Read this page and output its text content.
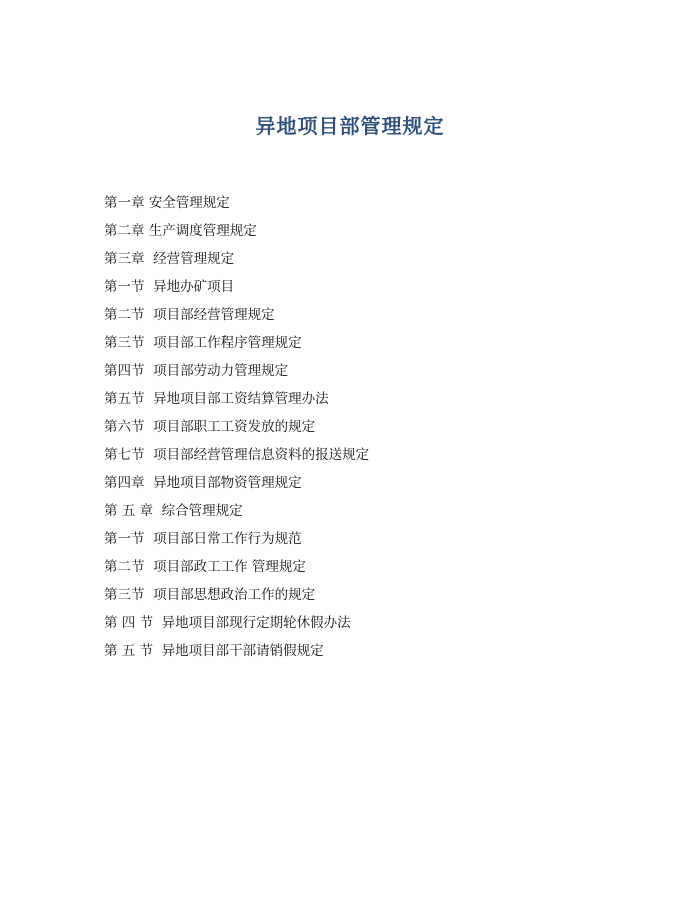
异地项目部管理规定
第一章 安全管理规定
第二章 生产调度管理规定
第三章  经营管理规定
第一节  异地办矿项目
第二节  项目部经营管理规定
第三节  项目部工作程序管理规定
第四节  项目部劳动力管理规定
第五节  异地项目部工资结算管理办法
第六节  项目部职工工资发放的规定
第七节  项目部经营管理信息资料的报送规定
第四章  异地项目部物资管理规定
第 五 章  综合管理规定
第一节  项目部日常工作行为规范
第二节  项目部政工工作 管理规定
第三节  项目部思想政治工作的规定
第 四 节  异地项目部现行定期轮休假办法
第 五 节  异地项目部干部请销假规定
